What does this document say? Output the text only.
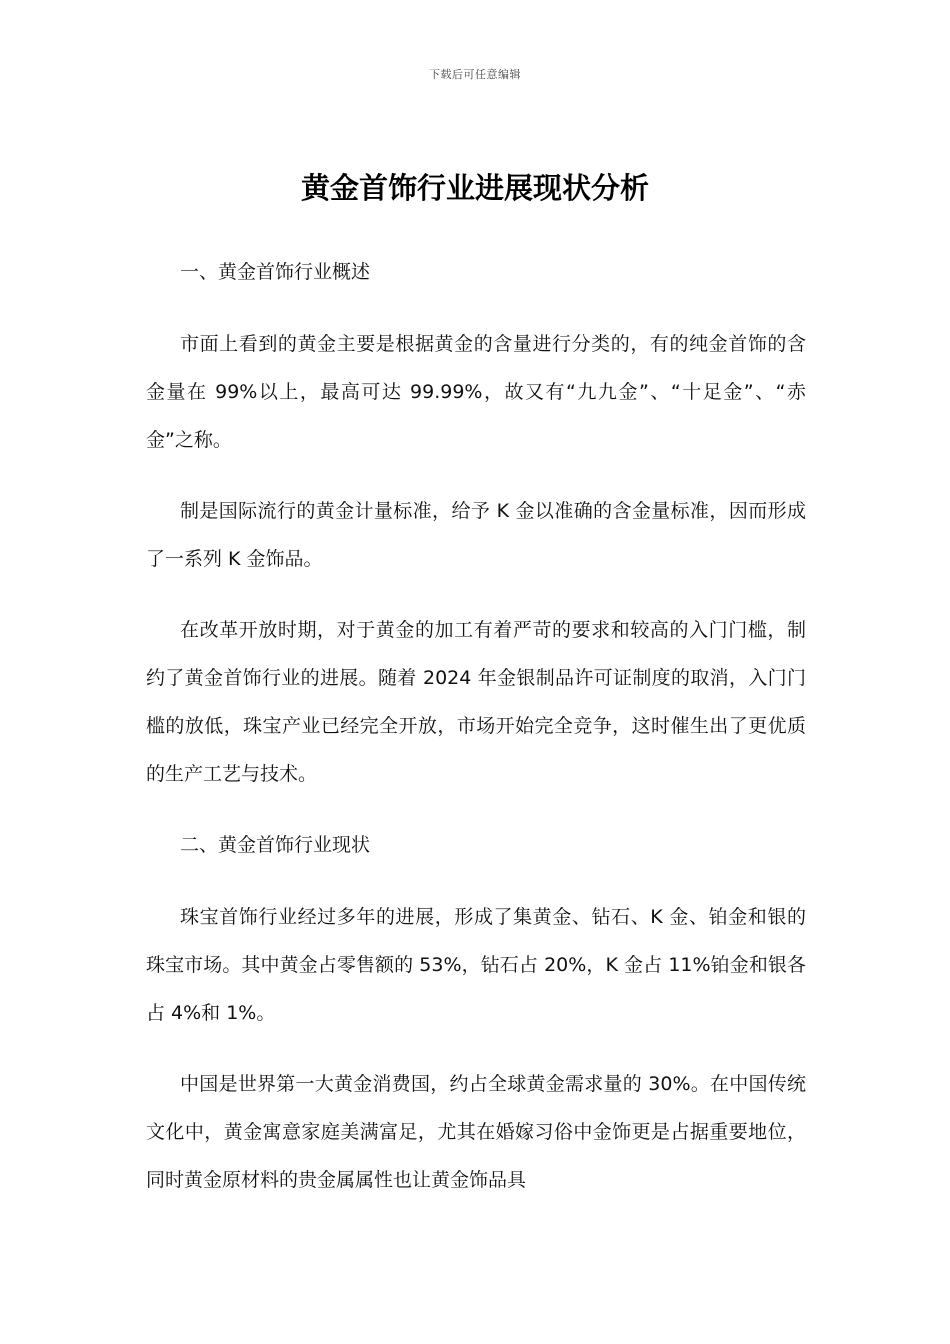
下载后可任意编辑
黄金首饰行业进展现状分析

一、黄金首饰行业概述

市面上看到的黄金主要是根据黄金的含量进行分类的，有的纯金首饰的含金量在 99%以上，最高可达 99.99%，故又有“九九金”、“十足金”、“赤金”之称。

制是国际流行的黄金计量标准，给予 K 金以准确的含金量标准，因而形成了一系列 K 金饰品。

在改革开放时期，对于黄金的加工有着严苛的要求和较高的入门门槛，制约了黄金首饰行业的进展。随着 2024 年金银制品许可证制度的取消，入门门槛的放低，珠宝产业已经完全开放，市场开始完全竞争，这时催生出了更优质的生产工艺与技术。

二、黄金首饰行业现状

珠宝首饰行业经过多年的进展，形成了集黄金、钻石、K 金、铂金和银的珠宝市场。其中黄金占零售额的 53%，钻石占 20%，K 金占 11%铂金和银各占 4%和 1%。

中国是世界第一大黄金消费国，约占全球黄金需求量的 30%。在中国传统文化中，黄金寓意家庭美满富足，尤其在婚嫁习俗中金饰更是占据重要地位，同时黄金原材料的贵金属属性也让黄金饰品具
